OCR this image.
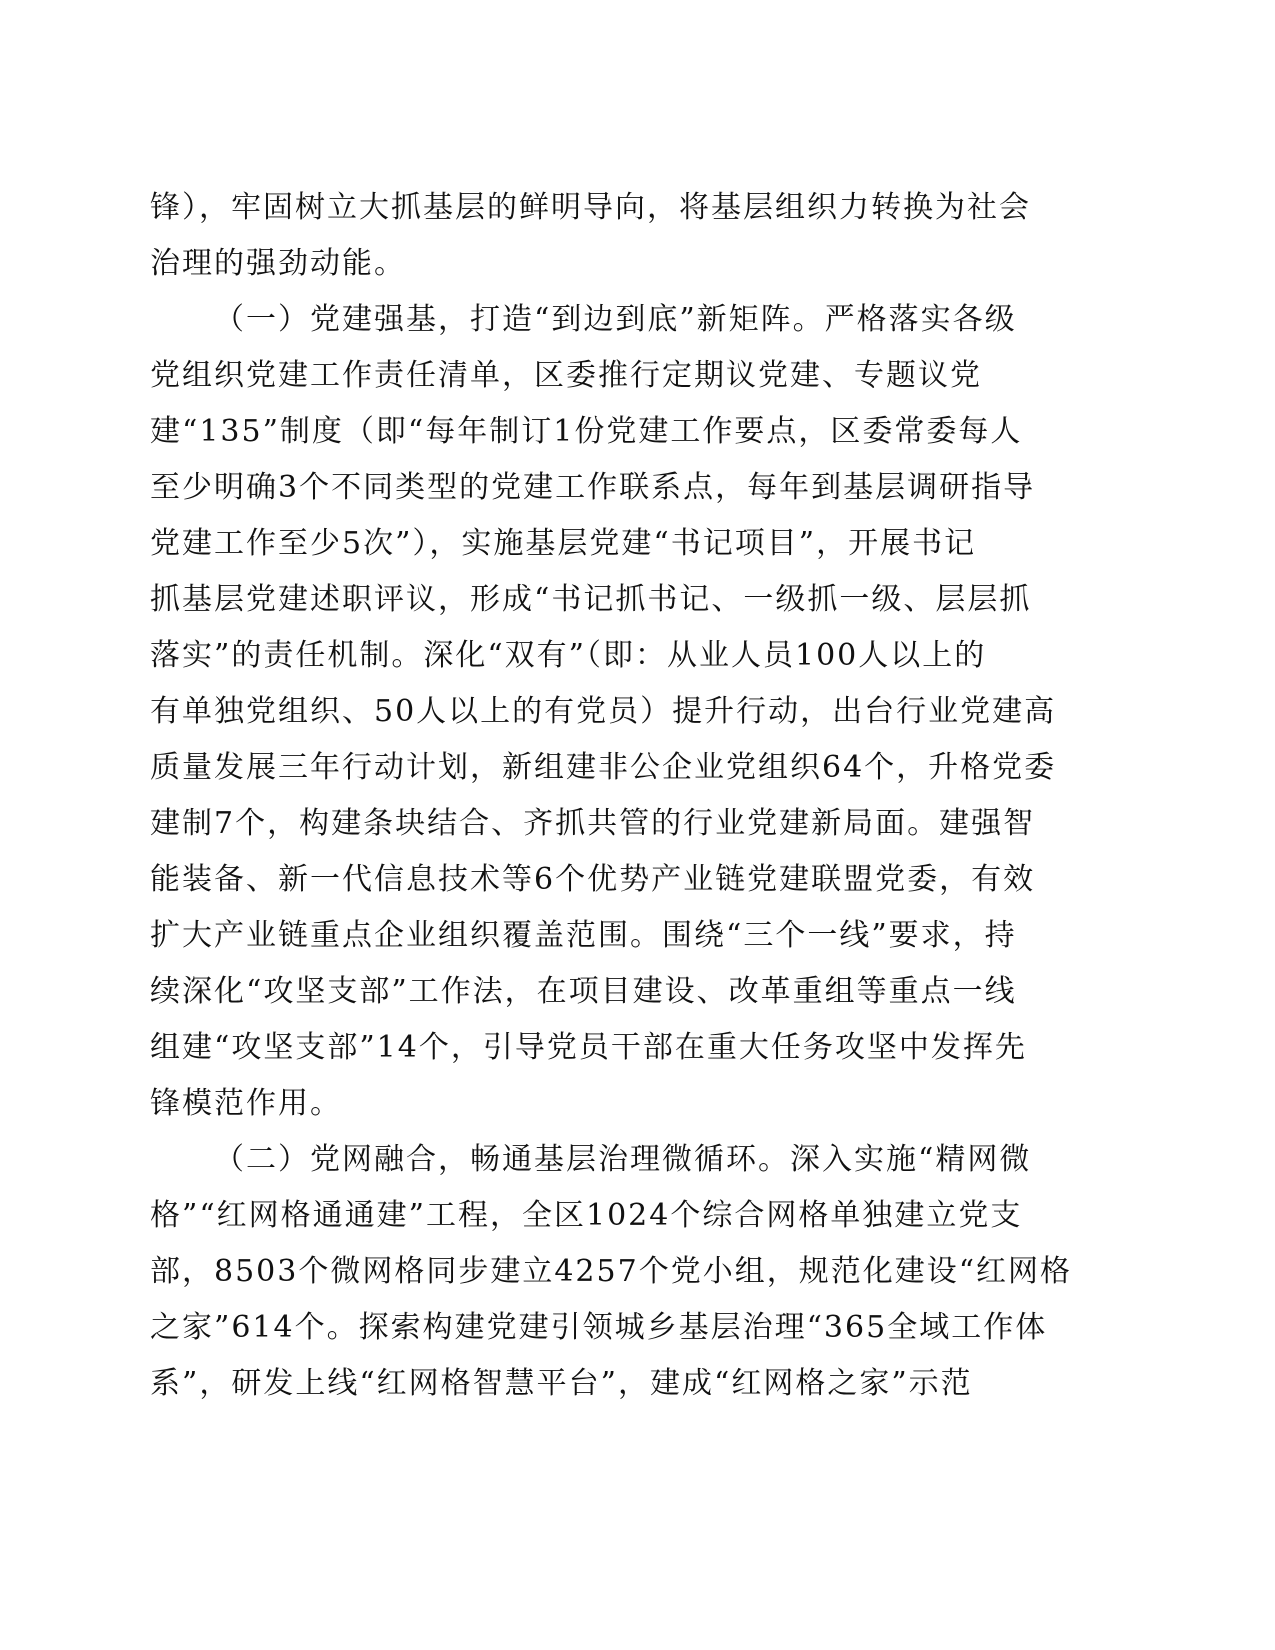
锋），牢固树立大抓基层的鲜明导向，将基层组织力转换为社会
治理的强劲动能。
（一）党建强基，打造“到边到底”新矩阵。严格落实各级
党组织党建工作责任清单，区委推行定期议党建、专题议党
建“135”制度（即“每年制订1份党建工作要点，区委常委每人
至少明确3个不同类型的党建工作联系点，每年到基层调研指导
党建工作至少5次”），实施基层党建“书记项目”，开展书记
抓基层党建述职评议，形成“书记抓书记、一级抓一级、层层抓
落实”的责任机制。深化“双有”（即：从业人员100人以上的
有单独党组织、50人以上的有党员）提升行动，出台行业党建高
质量发展三年行动计划，新组建非公企业党组织64个，升格党委
建制7个，构建条块结合、齐抓共管的行业党建新局面。建强智
能装备、新一代信息技术等6个优势产业链党建联盟党委，有效
扩大产业链重点企业组织覆盖范围。围绕“三个一线”要求，持
续深化“攻坚支部”工作法，在项目建设、改革重组等重点一线
组建“攻坚支部”14个，引导党员干部在重大任务攻坚中发挥先
锋模范作用。
（二）党网融合，畅通基层治理微循环。深入实施“精网微
格”“红网格通通建”工程，全区1024个综合网格单独建立党支
部，8503个微网格同步建立4257个党小组，规范化建设“红网格
之家”614个。探索构建党建引领城乡基层治理“365全域工作体
系”，研发上线“红网格智慧平台”，建成“红网格之家”示范
